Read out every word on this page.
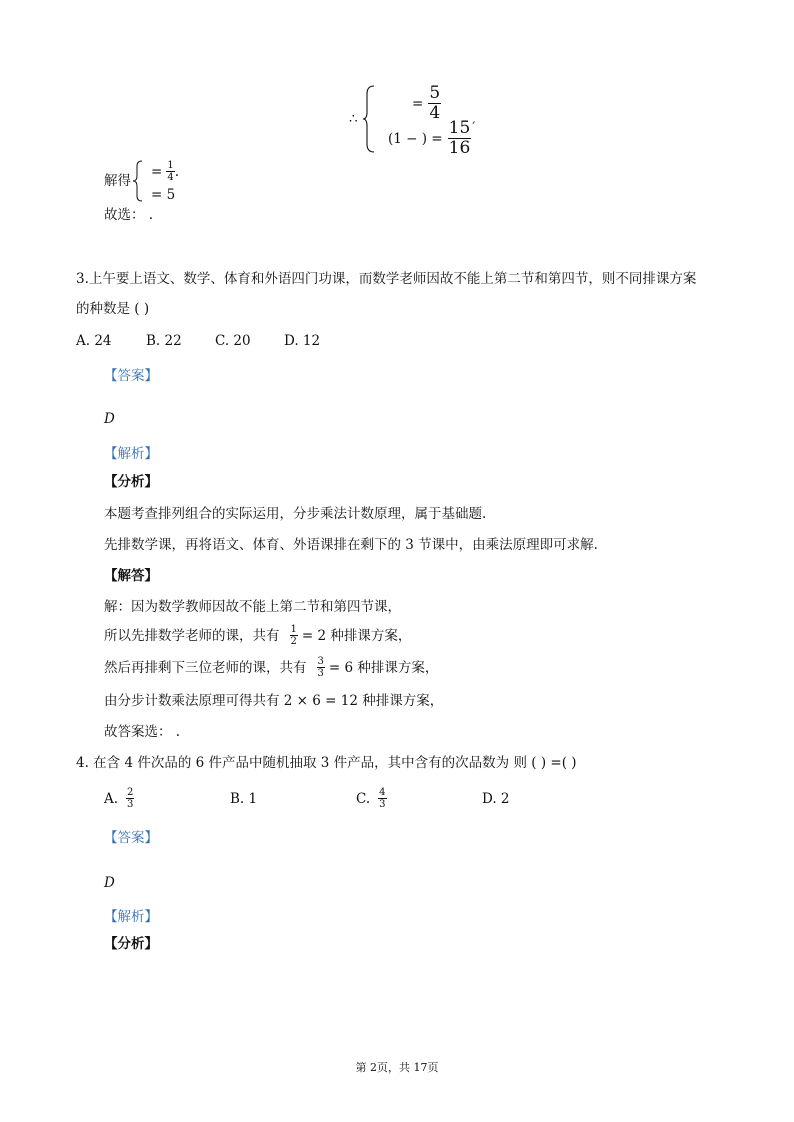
∴
= $\frac{5}{4}$
(1 − ) = $\frac{15}{16}$ ′
解得
= $\frac{1}{4}$ .
= 5
故选： .
3.上午要上语文、数学、体育和外语四门功课，而数学老师因故不能上第二节和第四节，则不同排课方案
的种数是 ( )
A. 24	B. 22 C. 20 D. 12
【答案】
D
【解析】
【分析】
本题考查排列组合的实际运用，分步乘法计数原理，属于基础题.
先排数学课，再将语文、体育、外语课排在剩下的 3 节课中，由乘法原理即可求解.
【解答】
解：因为数学教师因故不能上第二节和第四节课，
所以先排数学老师的课，共有 $\frac{1}{2} = 2$ 种排课方案，
然后再排剩下三位老师的课，共有 $\frac{3}{3} = 6$ 种排课方案，
由分步计数乘法原理可得共有 2 × 6 = 12 种排课方案，
故答案选： .
4. 在含 4 件次品的 6 件产品中随机抽取 3 件产品，其中含有的次品数为 则 ( ) =( )
A. $\frac{2}{3}$	B. 1	C. $\frac{4}{3}$	D. 2
【答案】
D
【解析】
【分析】
第 2页，共 17页
